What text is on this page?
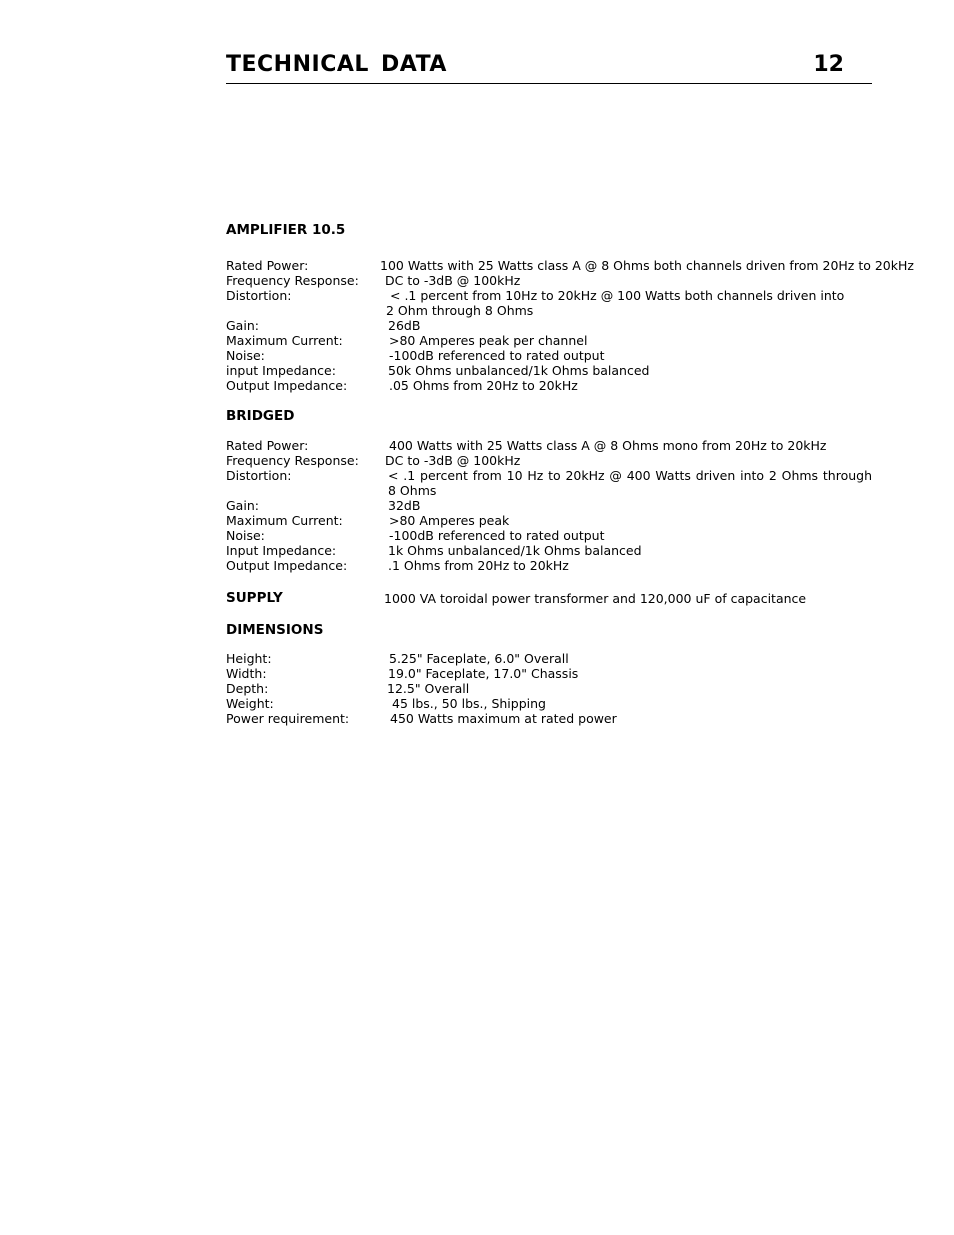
TECHNICAL DATA	12
AMPLIFIER 10.5
Rated Power:	100 Watts with 25 Watts class A @ 8 Ohms both channels driven from 20Hz to 20kHz
Frequency Response: DC to -3dB @ 100kHz
Distortion:	< .1 percent from 10Hz to 20kHz @ 100 Watts both channels driven into
2 Ohm through 8 Ohms
Gain:	26dB
Maximum Current:	>80 Amperes peak per channel
Noise:	-100dB referenced to rated output
input Impedance:	50k Ohms unbalanced/1k Ohms balanced
Output Impedance:	.05 Ohms from 20Hz to 20kHz
BRIDGED
Rated Power:	400 Watts with 25 Watts class A @ 8 Ohms mono from 20Hz to 20kHz
Frequency Response: DC to -3dB @ 100kHz
Distortion:	< .1 percent from 10 Hz to 20kHz @ 400 Watts driven into 2 Ohms through
8 Ohms
Gain:	32dB
Maximum Current:	>80 Amperes peak
Noise:	-100dB referenced to rated output
Input Impedance:	1k Ohms unbalanced/1k Ohms balanced
Output Impedance:	.1 Ohms from 20Hz to 20kHz
SUPPLY	1000 VA toroidal power transformer and 120,000 uF of capacitance
DIMENSIONS
Height:	5.25" Faceplate, 6.0" Overall
Width:	19.0" Faceplate, 17.0" Chassis
Depth:	12.5" Overall
Weight:	45 lbs., 50 lbs., Shipping
Power requirement:	450 Watts maximum at rated power
